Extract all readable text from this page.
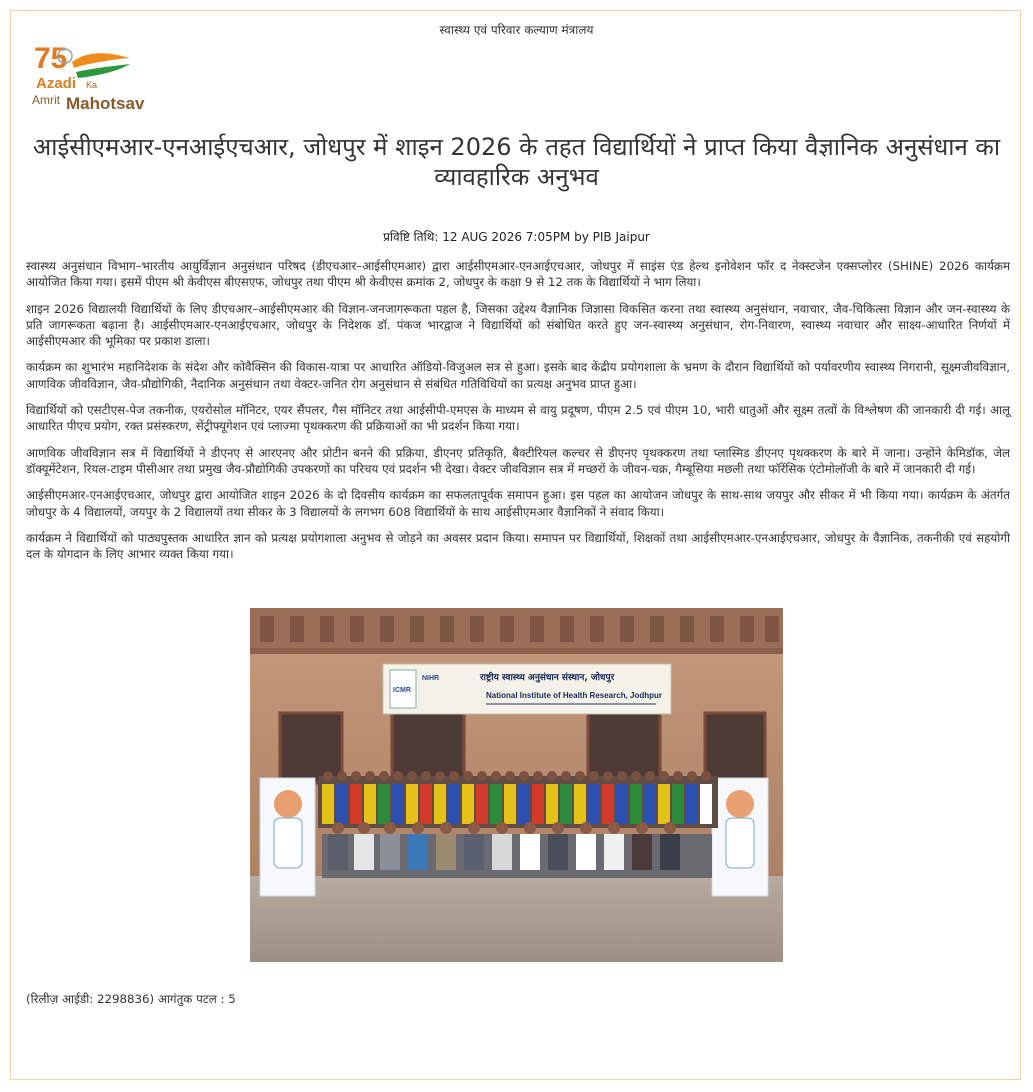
स्वास्थ्य एवं परिवार कल्याण मंत्रालय
75
Azadi Ka
Amrit Mahotsav
आईसीएमआर-एनआईएचआर, जोधपुर में शाइन 2026 के तहत विद्यार्थियों ने प्राप्त किया वैज्ञानिक अनुसंधान का व्यावहारिक अनुभव
प्रविष्टि तिथि: 12 AUG 2026 7:05PM by PIB Jaipur

स्वास्थ्य अनुसंधान विभाग–भारतीय आयुर्विज्ञान अनुसंधान परिषद (डीएचआर–आईसीएमआर) द्वारा आईसीएमआर-एनआईएचआर, जोधपुर में साइंस एंड हेल्थ इनोवेशन फॉर द नेक्स्टजेन एक्सप्लोरर (SHINE) 2026 कार्यक्रम आयोजित किया गया। इसमें पीएम श्री केवीएस बीएसएफ, जोधपुर तथा पीएम श्री केवीएस क्रमांक 2, जोधपुर के कक्षा 9 से 12 तक के विद्यार्थियों ने भाग लिया।

शाइन 2026 विद्यालयी विद्यार्थियों के लिए डीएचआर–आईसीएमआर की विज्ञान-जनजागरूकता पहल है, जिसका उद्देश्य वैज्ञानिक जिज्ञासा विकसित करना तथा स्वास्थ्य अनुसंधान, नवाचार, जैव-चिकित्सा विज्ञान और जन-स्वास्थ्य के प्रति जागरूकता बढ़ाना है। आईसीएमआर-एनआईएचआर, जोधपुर के निदेशक डॉ. पंकज भारद्वाज ने विद्यार्थियों को संबोधित करते हुए जन-स्वास्थ्य अनुसंधान, रोग-निवारण, स्वास्थ्य नवाचार और साक्ष्य-आधारित निर्णयों में आईसीएमआर की भूमिका पर प्रकाश डाला।

कार्यक्रम का शुभारंभ महानिदेशक के संदेश और कोवैक्सिन की विकास-यात्रा पर आधारित ऑडियो-विजुअल सत्र से हुआ। इसके बाद केंद्रीय प्रयोगशाला के भ्रमण के दौरान विद्यार्थियों को पर्यावरणीय स्वास्थ्य निगरानी, सूक्ष्मजीवविज्ञान, आणविक जीवविज्ञान, जैव-प्रौद्योगिकी, नैदानिक अनुसंधान तथा वेक्टर-जनित रोग अनुसंधान से संबंधित गतिविधियों का प्रत्यक्ष अनुभव प्राप्त हुआ।

विद्यार्थियों को एसटीएस-पेज तकनीक, एयरोसोल मॉनिटर, एयर सैंपलर, गैस मॉनिटर तथा आईसीपी-एमएस के माध्यम से वायु प्रदूषण, पीएम 2.5 एवं पीएम 10, भारी धातुओं और सूक्ष्म तत्वों के विश्लेषण की जानकारी दी गई। आलू आधारित पीएच प्रयोग, रक्त प्रसंस्करण, सेंट्रीफ्यूगेशन एवं प्लाज्मा पृथक्करण की प्रक्रियाओं का भी प्रदर्शन किया गया।

आणविक जीवविज्ञान सत्र में विद्यार्थियों ने डीएनए से आरएनए और प्रोटीन बनने की प्रक्रिया, डीएनए प्रतिकृति, बैक्टीरियल कल्चर से डीएनए पृथक्करण तथा प्लास्मिड डीएनए पृथक्करण के बारे में जाना। उन्होंने केमिडॉक, जेल डॉक्यूमेंटेशन, रियल-टाइम पीसीआर तथा प्रमुख जैव-प्रौद्योगिकी उपकरणों का परिचय एवं प्रदर्शन भी देखा। वेक्टर जीवविज्ञान सत्र में मच्छरों के जीवन-चक्र, गैम्बूसिया मछली तथा फॉरेंसिक एंटोमोलॉजी के बारे में जानकारी दी गई।

आईसीएमआर-एनआईएचआर, जोधपुर द्वारा आयोजित शाइन 2026 के दो दिवसीय कार्यक्रम का सफलतापूर्वक समापन हुआ। इस पहल का आयोजन जोधपुर के साथ-साथ जयपुर और सीकर में भी किया गया। कार्यक्रम के अंतर्गत जोधपुर के 4 विद्यालयों, जयपुर के 2 विद्यालयों तथा सीकर के 3 विद्यालयों के लगभग 608 विद्यार्थियों के साथ आईसीएमआर वैज्ञानिकों ने संवाद किया।

कार्यक्रम ने विद्यार्थियों को पाठ्यपुस्तक आधारित ज्ञान को प्रत्यक्ष प्रयोगशाला अनुभव से जोड़ने का अवसर प्रदान किया। समापन पर विद्यार्थियों, शिक्षकों तथा आईसीएमआर-एनआईएचआर, जोधपुर के वैज्ञानिक, तकनीकी एवं सहयोगी दल के योगदान के लिए आभार व्यक्त किया गया।

ICMR
NIHR	राष्ट्रीय स्वास्थ्य अनुसंधान संस्थान, जोधपुर
National Institute of Health Research, Jodhpur
(रिलीज़ आईडी: 2298836) आगंतुक पटल : 5
